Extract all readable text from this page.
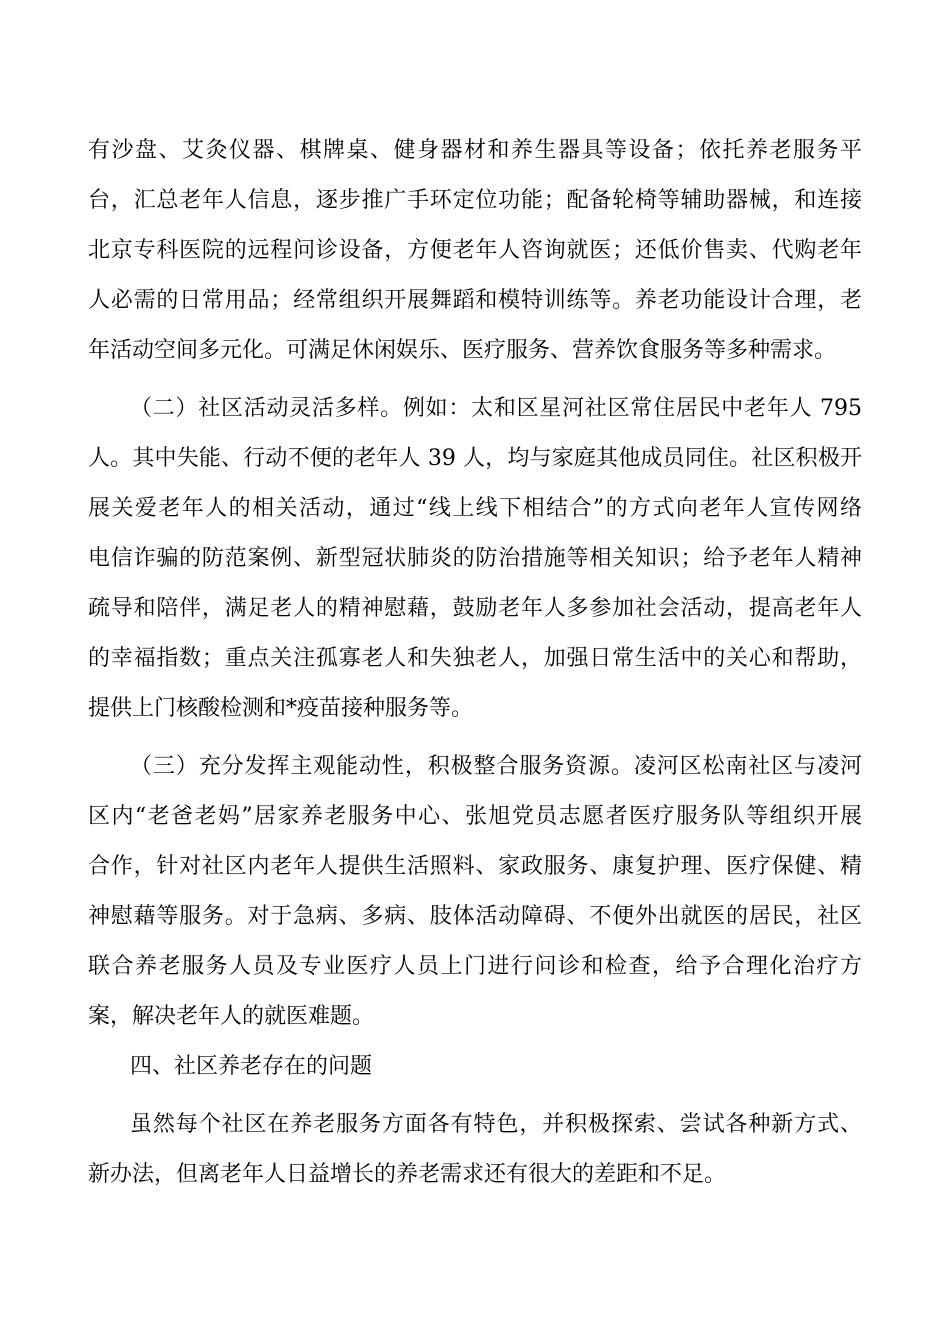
有沙盘、艾灸仪器、棋牌桌、健身器材和养生器具等设备；依托养老服务平
台，汇总老年人信息，逐步推广手环定位功能；配备轮椅等辅助器械，和连接
北京专科医院的远程问诊设备，方便老年人咨询就医；还低价售卖、代购老年
人必需的日常用品；经常组织开展舞蹈和模特训练等。养老功能设计合理，老
年活动空间多元化。可满足休闲娱乐、医疗服务、营养饮食服务等多种需求。
（二）社区活动灵活多样。例如：太和区星河社区常住居民中老年人 795
人。其中失能、行动不便的老年人 39 人，均与家庭其他成员同住。社区积极开
展关爱老年人的相关活动，通过“线上线下相结合”的方式向老年人宣传网络
电信诈骗的防范案例、新型冠状肺炎的防治措施等相关知识；给予老年人精神
疏导和陪伴，满足老人的精神慰藉，鼓励老年人多参加社会活动，提高老年人
的幸福指数；重点关注孤寡老人和失独老人，加强日常生活中的关心和帮助，
提供上门核酸检测和*疫苗接种服务等。
（三）充分发挥主观能动性，积极整合服务资源。凌河区松南社区与凌河
区内“老爸老妈”居家养老服务中心、张旭党员志愿者医疗服务队等组织开展
合作，针对社区内老年人提供生活照料、家政服务、康复护理、医疗保健、精
神慰藉等服务。对于急病、多病、肢体活动障碍、不便外出就医的居民，社区
联合养老服务人员及专业医疗人员上门进行问诊和检查，给予合理化治疗方
案，解决老年人的就医难题。
四、社区养老存在的问题
虽然每个社区在养老服务方面各有特色，并积极探索、尝试各种新方式、
新办法，但离老年人日益增长的养老需求还有很大的差距和不足。
